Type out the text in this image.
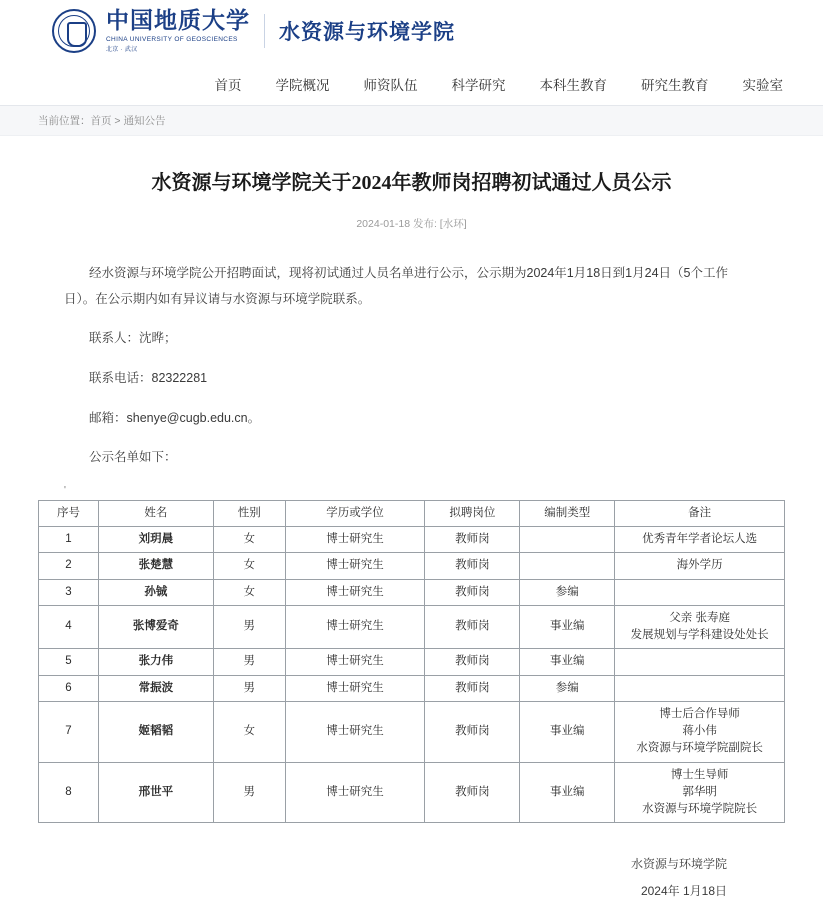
中国地质大学
CHINA UNIVERSITY OF GEOSCIENCES
北京 · 武汉
水资源与环境学院
首页	学院概况	师资队伍	科学研究	本科生教育	研究生教育	实验室
当前位置：首页 > 通知公告
水资源与环境学院关于2024年教师岗招聘初试通过人员公示
2024-01-18 发布: [水环]

经水资源与环境学院公开招聘面试，现将初试通过人员名单进行公示，公示期为2024年1月18日到1月24日（5个工作日）。在公示期内如有异议请与水资源与环境学院联系。

联系人：沈晔；

联系电话：82322281

邮箱：shenye@cugb.edu.cn。

公示名单如下：

'
序号	姓名	性别	学历或学位	拟聘岗位	编制类型	备注
1	刘玥晨	女	博士研究生	教师岗		优秀青年学者论坛人选

2	张楚慧	女	博士研究生	教师岗		海外学历

3	孙铖	女	博士研究生	教师岗	参编	
4	张博爱奇	男	博士研究生	教师岗	事业编	父亲 张寿庭
发展规划与学科建设处处长

5	张力伟	男	博士研究生	教师岗	事业编	
6	常振波	男	博士研究生	教师岗	参编	
7	姬韬韬	女	博士研究生	教师岗	事业编	博士后合作导师
蒋小伟
水资源与环境学院副院长

8	邢世平	男	博士研究生	教师岗	事业编	博士生导师
郭华明
水资源与环境学院院长
水资源与环境学院
2024年 1月18日
